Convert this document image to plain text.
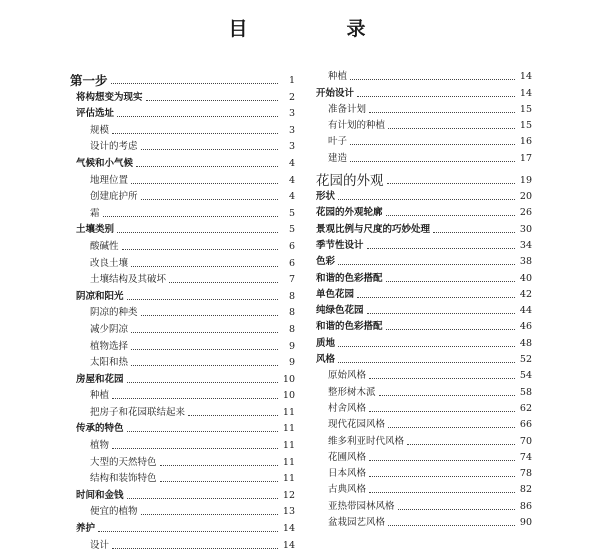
目　录
第一步	1
将构想变为现实	2
评估选址	3
规模	3
设计的考虑	3
气候和小气候	4
地理位置	4
创建庇护所	4
霜	5
土壤类别	5
酸碱性	6
改良土壤	6
土壤结构及其破坏	7
阴凉和阳光	8
阴凉的种类	8
减少阴凉	8
植物选择	9
太阳和热	9
房屋和花园	10
种植	10
把房子和花园联结起来	11
传承的特色	11
植物	11
大型的天然特色	11
结构和装饰特色	11
时间和金钱	12
便宜的植物	13
养护	14
设计	14
种植	14
开始设计	14
准备计划	15
有计划的种植	15
叶子	16
建造	17
花园的外观	19
形状	20
花园的外观轮廓	26
景观比例与尺度的巧妙处理	30
季节性设计	34
色彩	38
和谐的色彩搭配	40
单色花园	42
纯绿色花园	44
和谐的色彩搭配	46
质地	48
风格	52
原始风格	54
整形树木派	58
村舍风格	62
现代花园风格	66
维多利亚时代风格	70
花圃风格	74
日本风格	78
古典风格	82
亚热带园林风格	86
盆栽园艺风格	90
